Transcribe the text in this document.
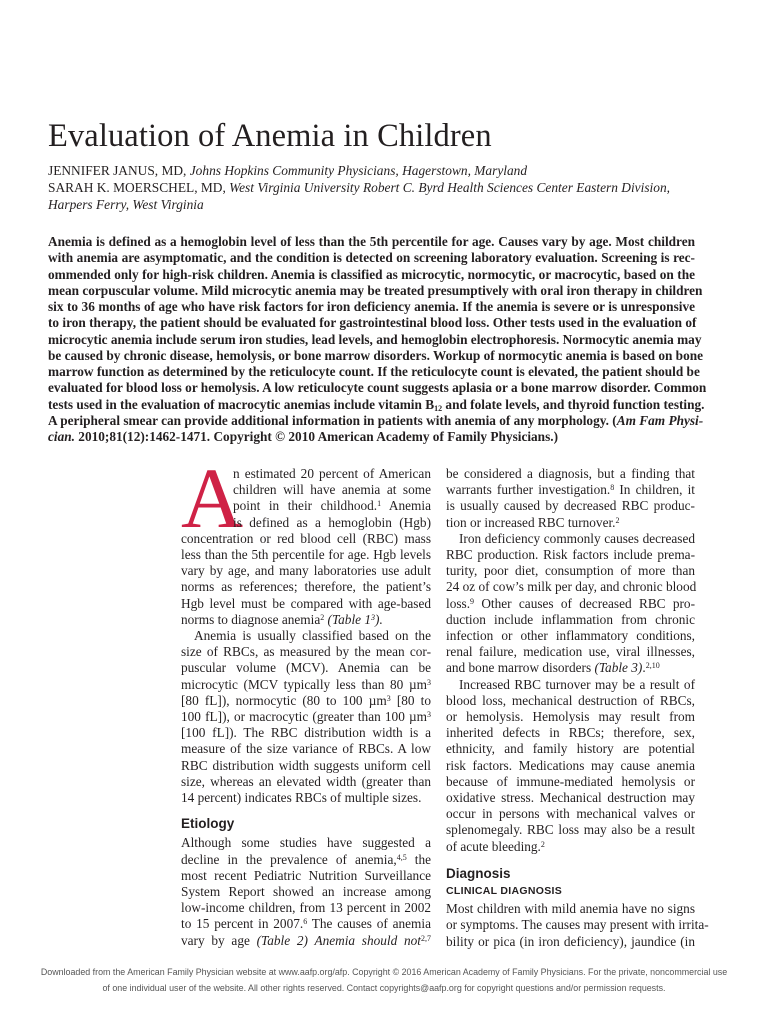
Evaluation of Anemia in Children
JENNIFER JANUS, MD, Johns Hopkins Community Physicians, Hagerstown, Maryland
SARAH K. MOERSCHEL, MD, West Virginia University Robert C. Byrd Health Sciences Center Eastern Division,
Harpers Ferry, West Virginia

Anemia is defined as a hemoglobin level of less than the 5th percentile for age. Causes vary by age. Most children
with anemia are asymptomatic, and the condition is detected on screening laboratory evaluation. Screening is rec-
ommended only for high-risk children. Anemia is classified as microcytic, normocytic, or macrocytic, based on the
mean corpuscular volume. Mild microcytic anemia may be treated presumptively with oral iron therapy in children
six to 36 months of age who have risk factors for iron deficiency anemia. If the anemia is severe or is unresponsive
to iron therapy, the patient should be evaluated for gastrointestinal blood loss. Other tests used in the evaluation of
microcytic anemia include serum iron studies, lead levels, and hemoglobin electrophoresis. Normocytic anemia may
be caused by chronic disease, hemolysis, or bone marrow disorders. Workup of normocytic anemia is based on bone
marrow function as determined by the reticulocyte count. If the reticulocyte count is elevated, the patient should be
evaluated for blood loss or hemolysis. A low reticulocyte count suggests aplasia or a bone marrow disorder. Common
tests used in the evaluation of macrocytic anemias include vitamin $B_{12}$ and folate levels, and thyroid function testing.
A peripheral smear can provide additional information in patients with anemia of any morphology. (Am Fam Physi-
cian. 2010;81(12):1462-1471. Copyright © 2010 American Academy of Family Physicians.)

A
n estimated 20 percent of American
children will have anemia at some
point in their childhood.$^1$ Anemia
is defined as a hemoglobin (Hgb)
concentration or red blood cell (RBC) mass
less than the 5th percentile for age. Hgb levels
vary by age, and many laboratories use adult
norms as references; therefore, the patient’s
Hgb level must be compared with age-based
norms to diagnose anemia$^2$ (Table $1^3$).
Anemia is usually classified based on the
size of RBCs, as measured by the mean cor-
puscular volume (MCV). Anemia can be
microcytic (MCV typically less than 80 µm$^3$
[80 fL]), normocytic (80 to 100 µm$^3$ [80 to
100 fL]), or macrocytic (greater than 100 µm$^3$
[100 fL]). The RBC distribution width is a
measure of the size variance of RBCs. A low
RBC distribution width suggests uniform cell
size, whereas an elevated width (greater than
14 percent) indicates RBCs of multiple sizes.
Etiology
Although some studies have suggested a
decline in the prevalence of anemia,$^{4,5}$ the
most recent Pediatric Nutrition Surveillance
System Report showed an increase among
low-income children, from 13 percent in 2002
to 15 percent in 2007.$^6$ The causes of anemia
vary by age (Table 2) Anemia should not$^{2,7}$
be considered a diagnosis, but a finding that
warrants further investigation.$^8$ In children, it
is usually caused by decreased RBC produc-
tion or increased RBC turnover.$^2$
Iron deficiency commonly causes decreased
RBC production. Risk factors include prema-
turity, poor diet, consumption of more than
24 oz of cow’s milk per day, and chronic blood
loss.$^9$ Other causes of decreased RBC pro-
duction include inflammation from chronic
infection or other inflammatory conditions,
renal failure, medication use, viral illnesses,
and bone marrow disorders (Table 3).$^{2,10}$
Increased RBC turnover may be a result of
blood loss, mechanical destruction of RBCs,
or hemolysis. Hemolysis may result from
inherited defects in RBCs; therefore, sex,
ethnicity, and family history are potential
risk factors. Medications may cause anemia
because of immune-mediated hemolysis or
oxidative stress. Mechanical destruction may
occur in persons with mechanical valves or
splenomegaly. RBC loss may also be a result
of acute bleeding.$^2$
Diagnosis
CLINICAL DIAGNOSIS
Most children with mild anemia have no signs
or symptoms. The causes may present with irrita-
bility or pica (in iron deficiency), jaundice (in
Downloaded from the American Family Physician website at www.aafp.org/afp. Copyright © 2016 American Academy of Family Physicians. For the private, noncommercial use
of one individual user of the website. All other rights reserved. Contact copyrights@aafp.org for copyright questions and/or permission requests.
